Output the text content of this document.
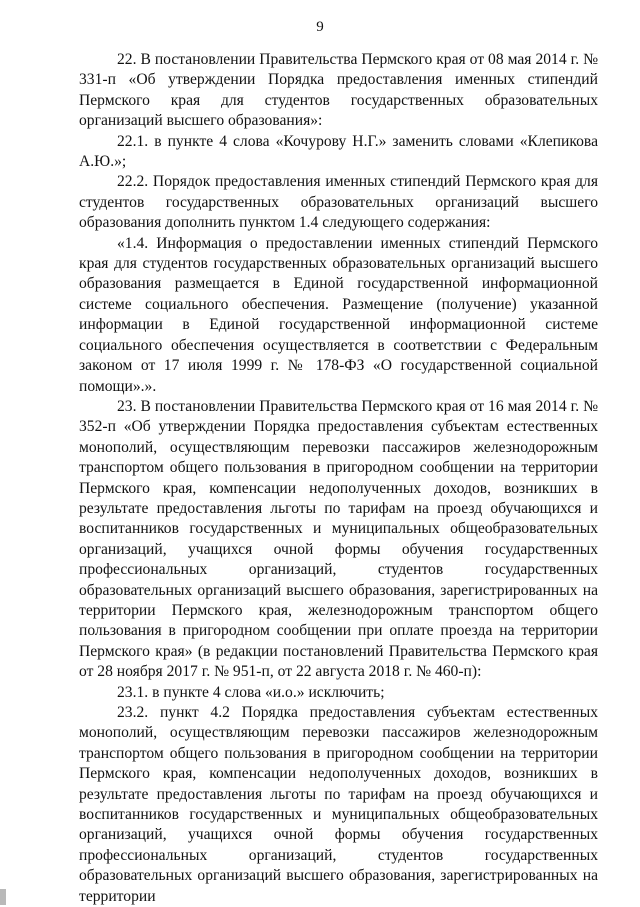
9

22. В постановлении Правительства Пермского края от 08 мая 2014 г. № 331-п «Об утверждении Порядка предоставления именных стипендий Пермского края для студентов государственных образовательных организаций высшего образования»:

22.1. в пункте 4 слова «Кочурову Н.Г.» заменить словами «Клепикова А.Ю.»;

22.2. Порядок предоставления именных стипендий Пермского края для студентов государственных образовательных организаций высшего образования дополнить пунктом 1.4 следующего содержания:

«1.4. Информация о предоставлении именных стипендий Пермского края для студентов государственных образовательных организаций высшего образования размещается в Единой государственной информационной системе социального обеспечения. Размещение (получение) указанной информации в Единой государственной информационной системе социального обеспечения осуществляется в соответствии с Федеральным законом от 17 июля 1999 г. № 178-ФЗ «О государственной социальной помощи».».

23. В постановлении Правительства Пермского края от 16 мая 2014 г. № 352-п «Об утверждении Порядка предоставления субъектам естественных монополий, осуществляющим перевозки пассажиров железнодорожным транспортом общего пользования в пригородном сообщении на территории Пермского края, компенсации недополученных доходов, возникших в результате предоставления льготы по тарифам на проезд обучающихся и воспитанников государственных и муниципальных общеобразовательных организаций, учащихся очной формы обучения государственных профессиональных организаций, студентов государственных образовательных организаций высшего образования, зарегистрированных на территории Пермского края, железнодорожным транспортом общего пользования в пригородном сообщении при оплате проезда на территории Пермского края» (в редакции постановлений Правительства Пермского края от 28 ноября 2017 г. № 951-п, от 22 августа 2018 г. № 460-п):

23.1. в пункте 4 слова «и.о.» исключить;

23.2. пункт 4.2 Порядка предоставления субъектам естественных монополий, осуществляющим перевозки пассажиров железнодорожным транспортом общего пользования в пригородном сообщении на территории Пермского края, компенсации недополученных доходов, возникших в результате предоставления льготы по тарифам на проезд обучающихся и воспитанников государственных и муниципальных общеобразовательных организаций, учащихся очной формы обучения государственных профессиональных организаций, студентов государственных образовательных организаций высшего образования, зарегистрированных на территории
